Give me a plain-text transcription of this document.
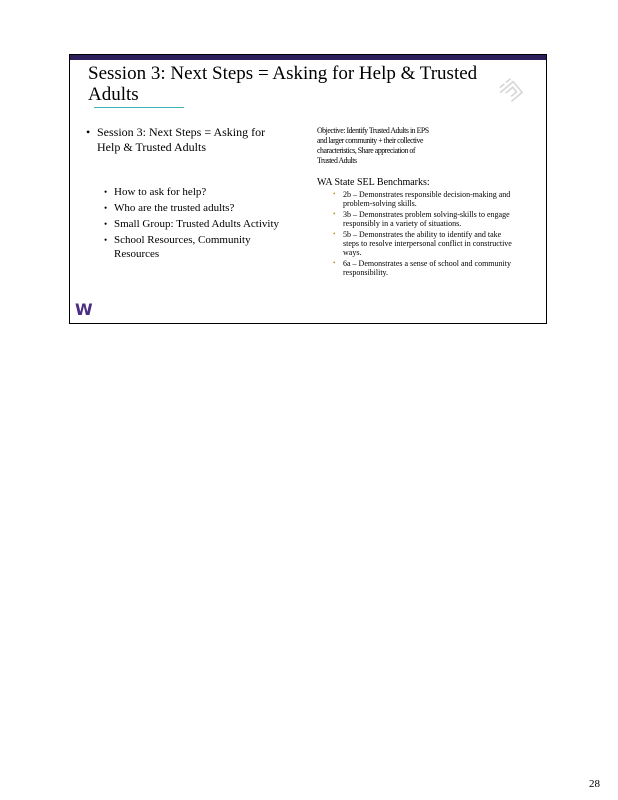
Session 3: Next Steps = Asking for Help & Trusted
Adults
• Session 3: Next Steps = Asking for Help & Trusted Adults
• How to ask for help?
• Who are the trusted adults?
• Small Group: Trusted Adults Activity
• School Resources, Community Resources
Objective: Identify Trusted Adults in EPS and larger community + their collective characteristics, Share appreciation of Trusted Adults
WA State SEL Benchmarks:
• 2b – Demonstrates responsible decision-making and problem-solving skills.
• 3b – Demonstrates problem solving-skills to engage responsibly in a variety of situations.
• 5b – Demonstrates the ability to identify and take steps to resolve interpersonal conflict in constructive ways.
• 6a – Demonstrates a sense of school and community responsibility.
W
28
